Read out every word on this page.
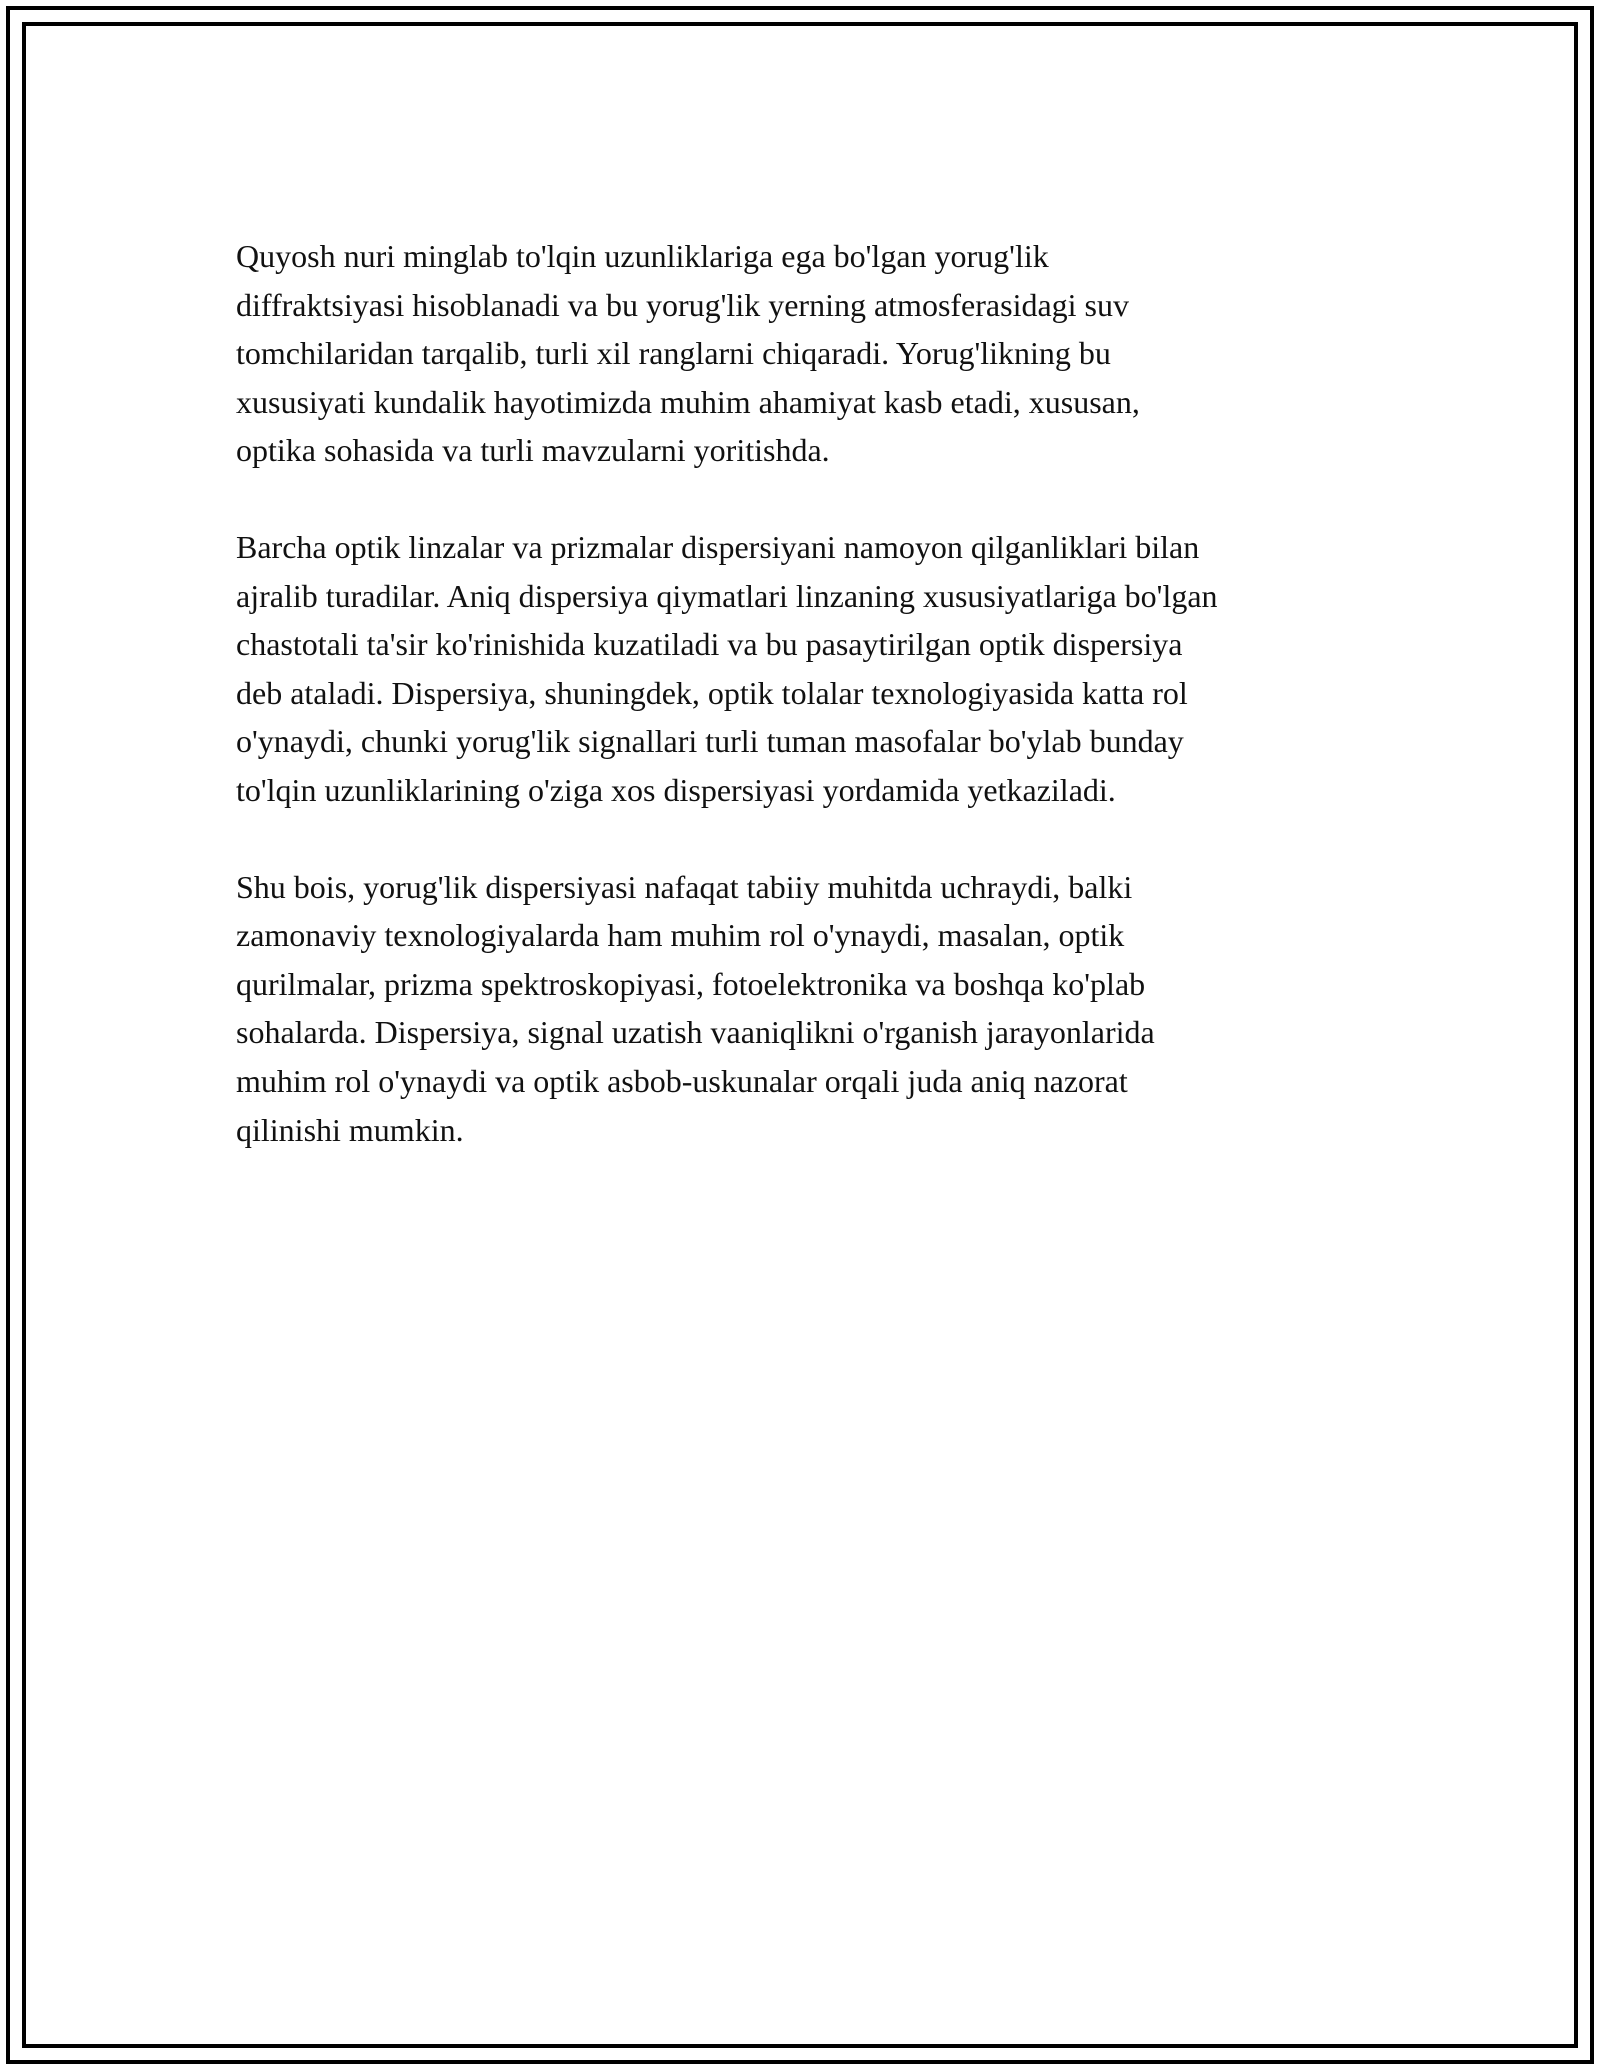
Quyosh nuri minglab to'lqin uzunliklariga ega bo'lgan yorug'lik
diffraktsiyasi hisoblanadi va bu yorug'lik yerning atmosferasidagi suv
tomchilaridan tarqalib, turli xil ranglarni chiqaradi. Yorug'likning bu
xususiyati kundalik hayotimizda muhim ahamiyat kasb etadi, xususan,
optika sohasida va turli mavzularni yoritishda.

Barcha optik linzalar va prizmalar dispersiyani namoyon qilganliklari bilan
ajralib turadilar. Aniq dispersiya qiymatlari linzaning xususiyatlariga bo'lgan
chastotali ta'sir ko'rinishida kuzatiladi va bu pasaytirilgan optik dispersiya
deb ataladi. Dispersiya, shuningdek, optik tolalar texnologiyasida katta rol
o'ynaydi, chunki yorug'lik signallari turli tuman masofalar bo'ylab bunday
to'lqin uzunliklarining o'ziga xos dispersiyasi yordamida yetkaziladi.

Shu bois, yorug'lik dispersiyasi nafaqat tabiiy muhitda uchraydi, balki
zamonaviy texnologiyalarda ham muhim rol o'ynaydi, masalan, optik
qurilmalar, prizma spektroskopiyasi, fotoelektronika va boshqa ko'plab
sohalarda. Dispersiya, signal uzatish vaaniqlikni o'rganish jarayonlarida
muhim rol o'ynaydi va optik asbob-uskunalar orqali juda aniq nazorat
qilinishi mumkin.
